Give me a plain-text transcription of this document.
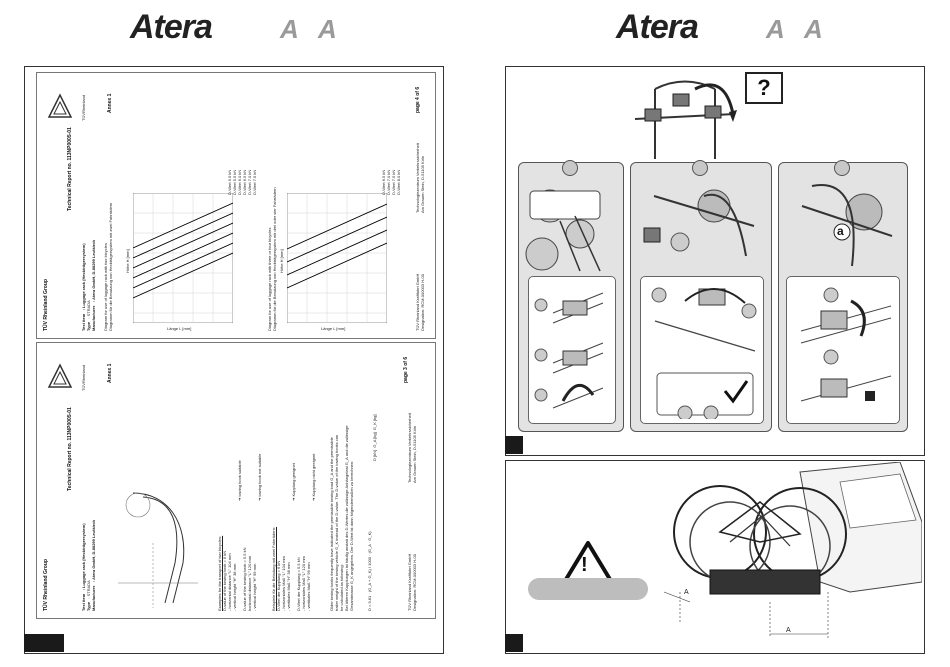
Atera	A A	Atera	A A
TÜV Rheinland Group
Technical Report no. 113NP0005-01
Test item   : Luggage rack (Heckträgersystem)
Type   : STRADA Manufacturer   : Atera GmbH, D-88299 Leutkirch
Annex 1
Diagram for use of luggage rack with two bicycles Diagramm für die Benutzung von Heckträgersystem mit zwei Fahrrädern	Diagram for use of luggage rack with three or four bicycles Diagramm für die Benutzung von Heckträgersystem mit drei oder vier Fahrrädern
TÜVRheinland
D-Wert 5.0 kN D-Wert 5.5 kN D-Wert 6.0 kN D-Wert 6.5 kN D-Wert 7.0 kN D-Wert 7.5 kN	D-Wert 6.5 kN D-Wert 7.0 kN D-Wert 7.5 kN D-Wert 8.0 kN
Länge L [mm]	Länge L [mm]
Höhe H [mm]	Höhe H [mm]
TÜV Rheinland Kraftfahrt GmbH Designation: RCM-000003 H-00
Technologiezentrum Verkehrssicherheit Am Grauen Stein, D-51105 Köln
page 4 of 6
TÜV Rheinland Group
Technical Report no. 113NP0005-01
Test item   : Luggage rack (Heckträgersystem)
Type   : STRADA Manufacturer   : Atera GmbH, D-88299 Leutkirch
Annex 1
TÜVRheinland
Examples for the transport of two bicycles: D-value of the towing hook = 6 kN - horizontal distance "L" 104 mm - vertical height "H" 38 mm
➔ towing hook suitable
D-value of the towing hook = 5.5 kN horizontal distance "L" 120 mm - vertical height "H" 99 mm
➔ towing hook not suitable
Beispiele für die Beladung mit zwei Fahrrädern: D-Wert der Kupplung = 6 kN - horizontales Maß "L" 104 mm - vertikales Maß "H" 38 mm
➔ Kupplung geeignet
D-Wert der Kupplung = 5.5 kN - horizontales Maß "L" 120 mm - vertikales Maß "H" 99 mm
➔ Kupplung nicht geeignet	Older towing hooks frequently have indicated the permissible towing load G_A and the permissible trailer weight of the towing vehicle G_K instead of the D-value. The D-value of the towing hooks can be calculated as following: Bei älteren Kupplungen ist häufig anstatt des D-Wertes die zulässige Anhängelast G_A und die zulässige Gesamtmasse G_K angegeben. Der D-Wert ist dann folgendermaßen zu berechnen:	D = 9.81 · (G_A + G_K) / 1000 · (G_A · G_K)
D [kN]  G_A [kg]  G_K [kg]
TÜV Rheinland Kraftfahrt GmbH Designation: RCM-000003 H-00
Technologiezentrum Verkehrssicherheit Am Grauen Stein, D-51105 Köln
page 3 of 6
?
a
!
A
A
